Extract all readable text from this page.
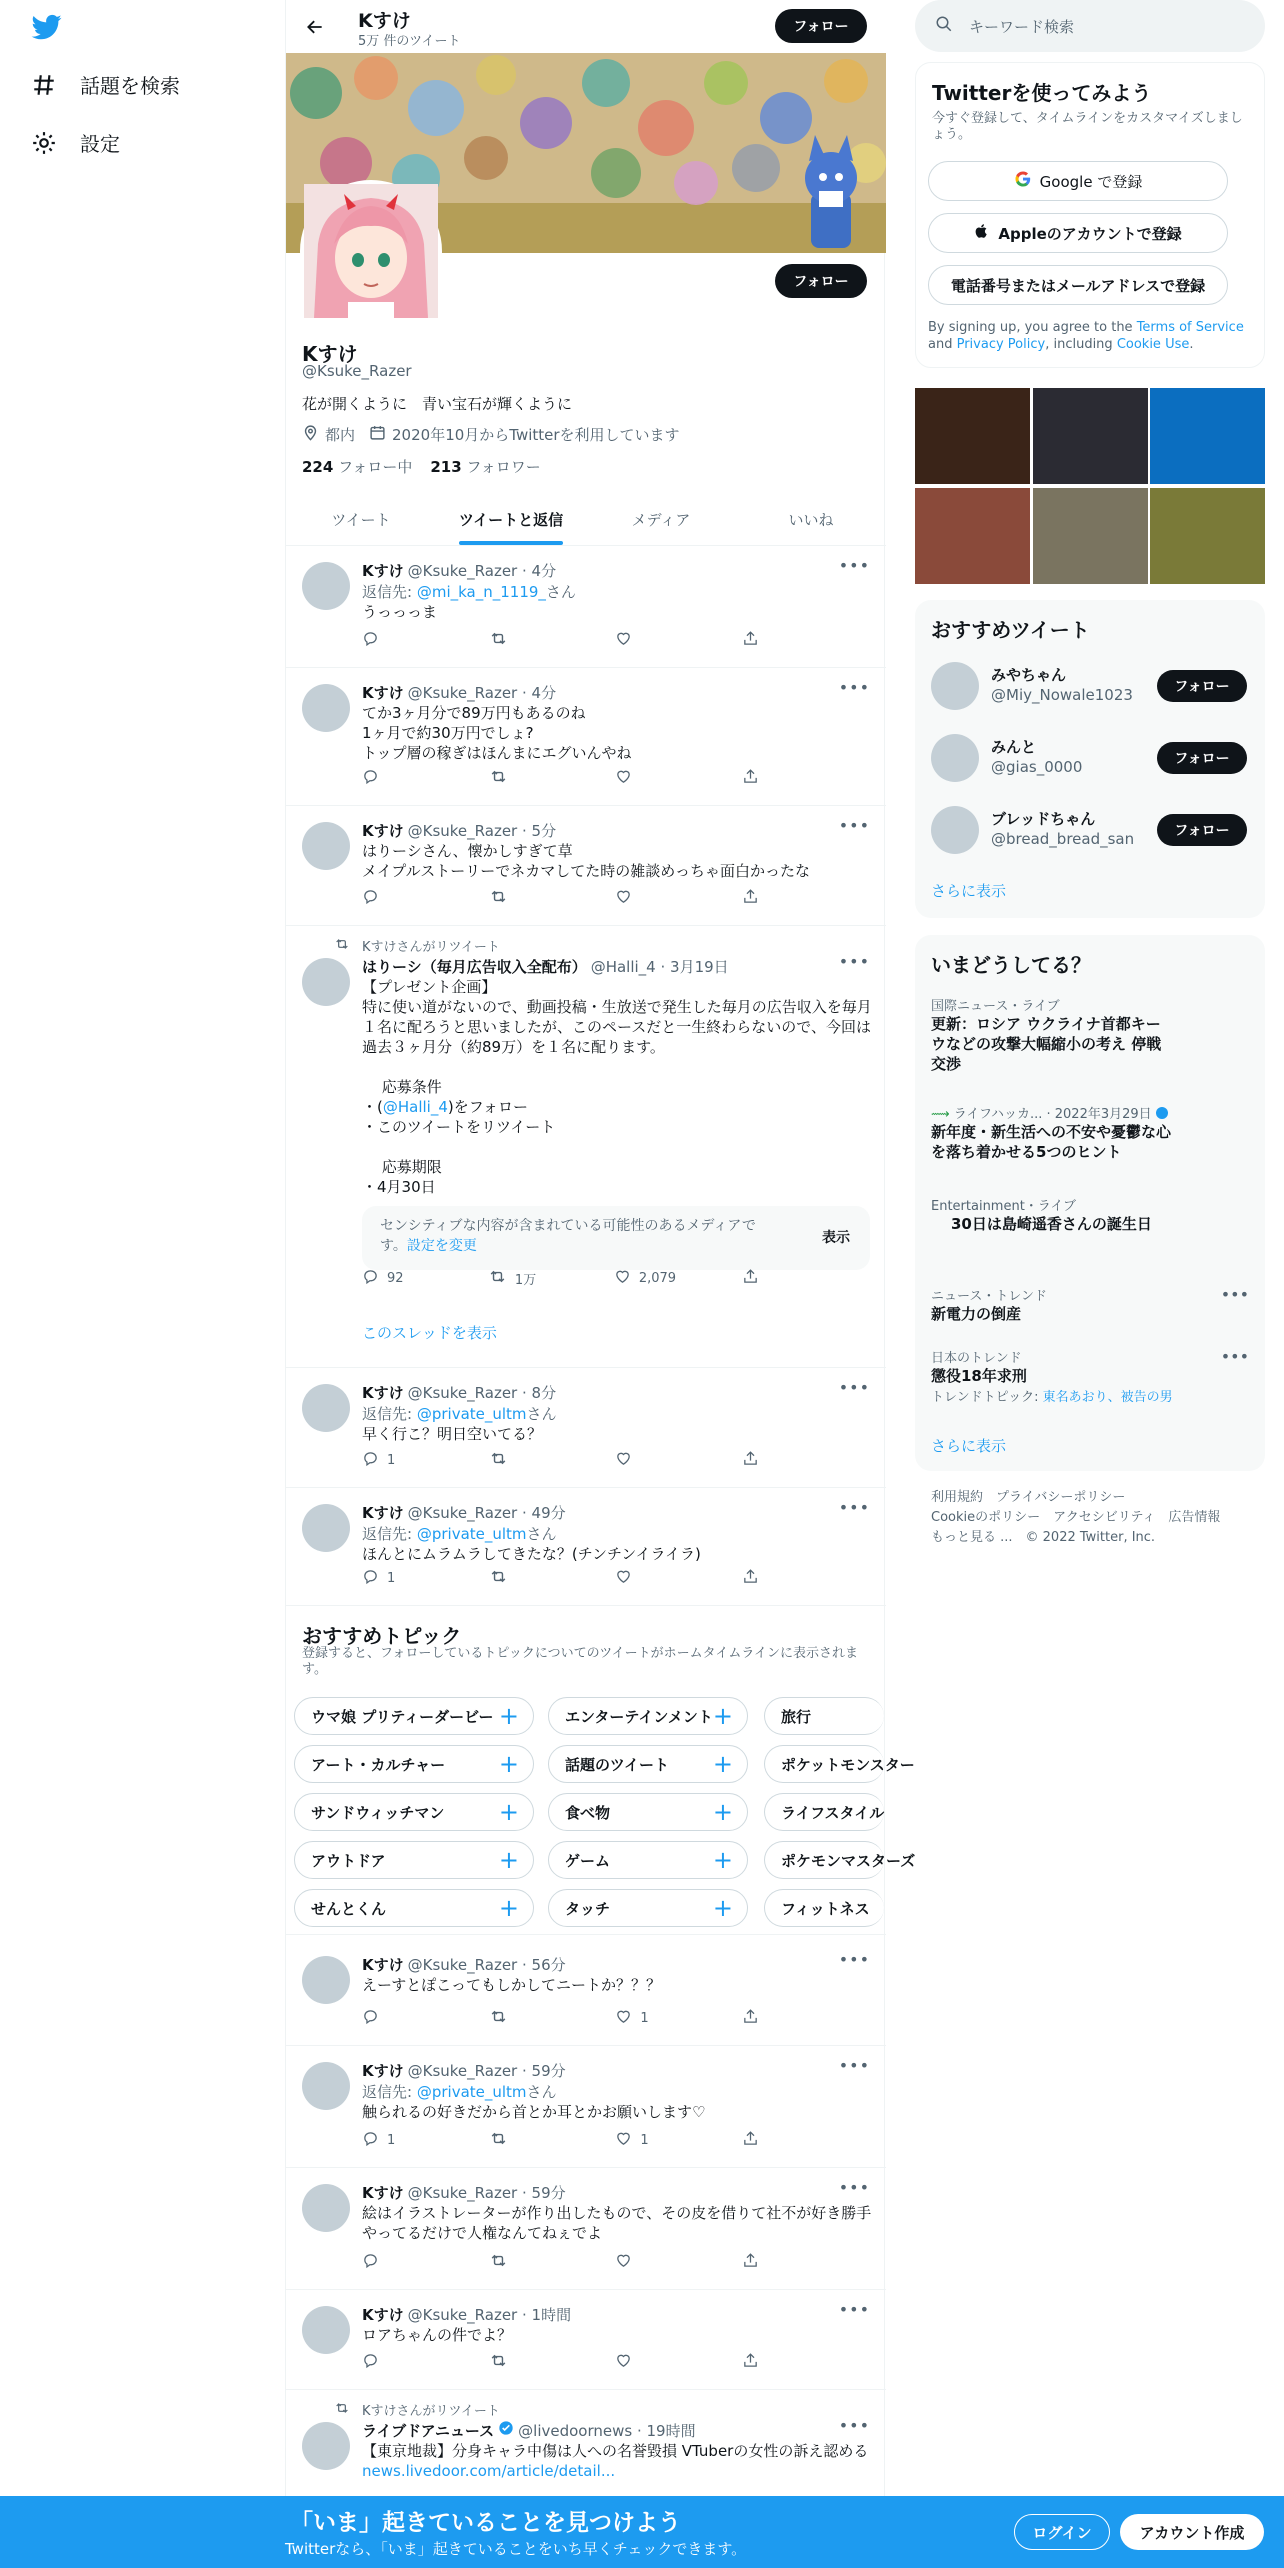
話題を検索
設定
Kすけ
5万 件のツイート
フォロー
フォロー
Kすけ
@Ksuke_Razer
花が開くように　青い宝石が輝くように
都内 2020年10月からTwitterを利用しています
224 フォロー中 213 フォロワー
ツイート	ツイートと返信	メディア	いいね
•••
Kすけ @Ksuke_Razer · 4分
返信先: @mi_ka_n_1119_さん
うっっっま
•••
Kすけ @Ksuke_Razer · 4分
てか3ヶ月分で89万円もあるのね
1ヶ月で約30万円でしょ?
トップ層の稼ぎはほんまにエグいんやね
•••
Kすけ @Ksuke_Razer · 5分
はりーシさん、懐かしすぎて草
メイプルストーリーでネカマしてた時の雑談めっちゃ面白かったな
Kすけさんがリツイート
•••
はりーシ（毎月広告収入全配布） @Halli_4 · 3月19日
【プレゼント企画】
特に使い道がないので、動画投稿・生放送で発生した毎月の広告収入を毎月１名に配ろうと思いましたが、このペースだと一生終わらないので、今回は過去３ヶ月分（約89万）を１名に配ります。

　 応募条件
・(@Halli_4)をフォロー
・このツイートをリツイート

　 応募期限
・4月30日
センシティブな内容が含まれている可能性のあるメディアです。設定を変更	表示
92	1万	2,079
このスレッドを表示
•••
Kすけ @Ksuke_Razer · 8分
返信先: @private_ultmさん
早く行こ？明日空いてる？
1
•••
Kすけ @Ksuke_Razer · 49分
返信先: @private_ultmさん
ほんとにムラムラしてきたな？(チンチンイライラ)
1
おすすめトピック
登録すると、フォローしているトピックについてのツイートがホームタイムラインに表示されます。
ウマ娘 プリティーダービー +	エンターテインメント +	旅行
アート・カルチャー +	話題のツイート +	ポケットモンスター
サンドウィッチマン +	食べ物	+	ライフスタイル
アウトドア	+	ゲーム	+	ポケモンマスターズ
せんとくん	+	タッチ	+	フィットネス
•••
Kすけ @Ksuke_Razer · 56分
えーすとぽこってもしかしてニートか？？？
1
•••
Kすけ @Ksuke_Razer · 59分
返信先: @private_ultmさん
触られるの好きだから首とか耳とかお願いします♡
1	1
•••
Kすけ @Ksuke_Razer · 59分
絵はイラストレーターが作り出したもので、その皮を借りて社不が好き勝手やってるだけで人権なんてねぇでよ
•••
Kすけ @Ksuke_Razer · 1時間
ロアちゃんの件でよ？
Kすけさんがリツイート
•••
ライブドアニュース @livedoornews · 19時間
【東京地裁】分身キャラ中傷は人への名誉毀損 VTuberの女性の訴え認める
news.livedoor.com/article/detail...
キーワード検索
Twitterを使ってみよう
今すぐ登録して、タイムラインをカスタマイズしましょう。
Google で登録
Appleのアカウントで登録
電話番号またはメールアドレスで登録
By signing up, you agree to the Terms of Service and Privacy Policy, including Cookie Use.
おすすめツイート
みやちゃん
@Miy_Nowale1023	フォロー
みんと
@gias_0000	フォロー
ブレッドちゃん
@bread_bread_san	フォロー
さらに表示
いまどうしてる？
国際ニュース・ライブ
更新：ロシア ウクライナ首都キーウなどの攻撃大幅縮小の考え 停戦交渉
⟿ ライフハッカ... · 2022年3月29日
新年度・新生活への不安や憂鬱な心を落ち着かせる5つのヒント
Entertainment・ライブ
30日は島崎遥香さんの誕生日
ニュース・トレンド
新電力の倒産
•••
日本のトレンド
懲役18年求刑
トレンドトピック: 東名あおり、被告の男
•••
さらに表示
利用規約　プライバシーポリシー
Cookieのポリシー　アクセシビリティ　広告情報
もっと見る ...　© 2022 Twitter, Inc.
「いま」起きていることを見つけよう
Twitterなら、「いま」起きていることをいち早くチェックできます。
ログイン	アカウント作成
